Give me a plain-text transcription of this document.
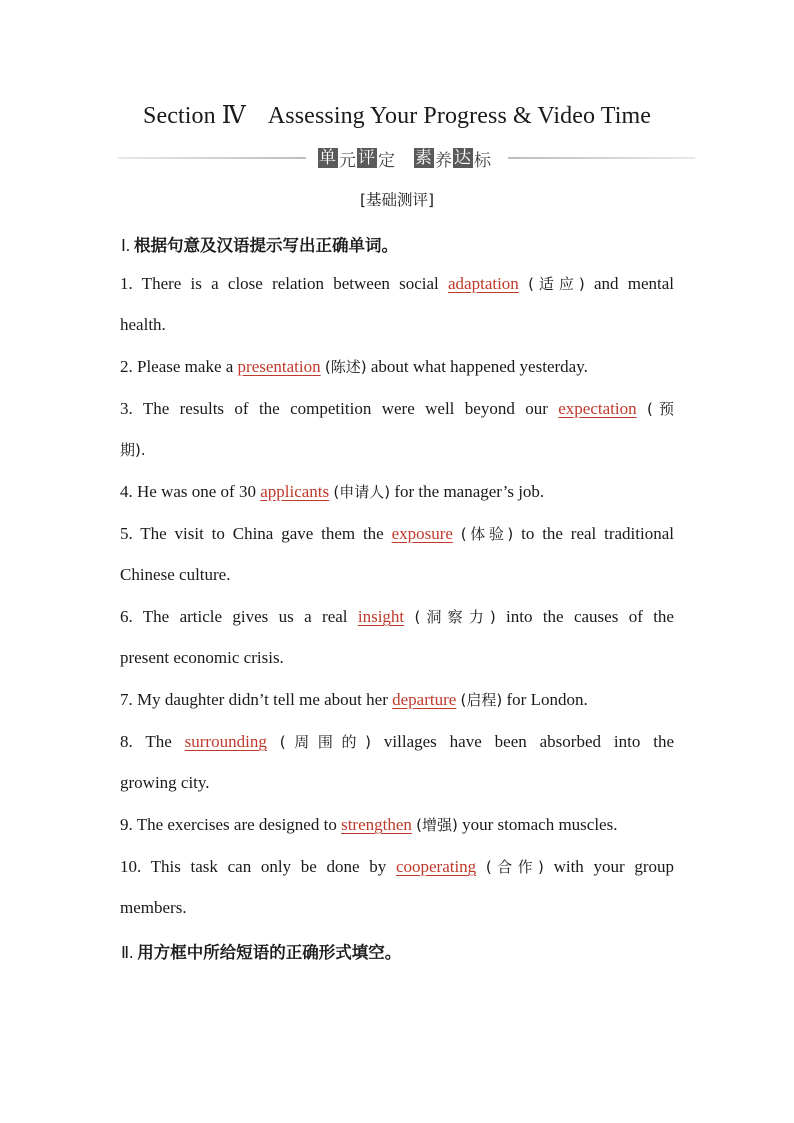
Section Ⅳ Assessing Your Progress & Video Time
单 元 评 定 素 养 达 标
[基础测评]
Ⅰ. 根据句意及汉语提示写出正确单词。
1. There is a close relation between social adaptation (适应) and mental
health.
2. Please make a presentation (陈述) about what happened yesterday.
3. The results of the competition were well beyond our expectation (预
期).
4. He was one of 30 applicants (申请人) for the manager’s job.
5. The visit to China gave them the exposure (体验) to the real traditional
Chinese culture.
6. The article gives us a real insight (洞察力) into the causes of the
present economic crisis.
7. My daughter didn’t tell me about her departure (启程) for London.
8. The surrounding (周围的) villages have been absorbed into the
growing city.
9. The exercises are designed to strengthen (增强) your stomach muscles.
10. This task can only be done by cooperating (合作) with your group
members.
Ⅱ. 用方框中所给短语的正确形式填空。
